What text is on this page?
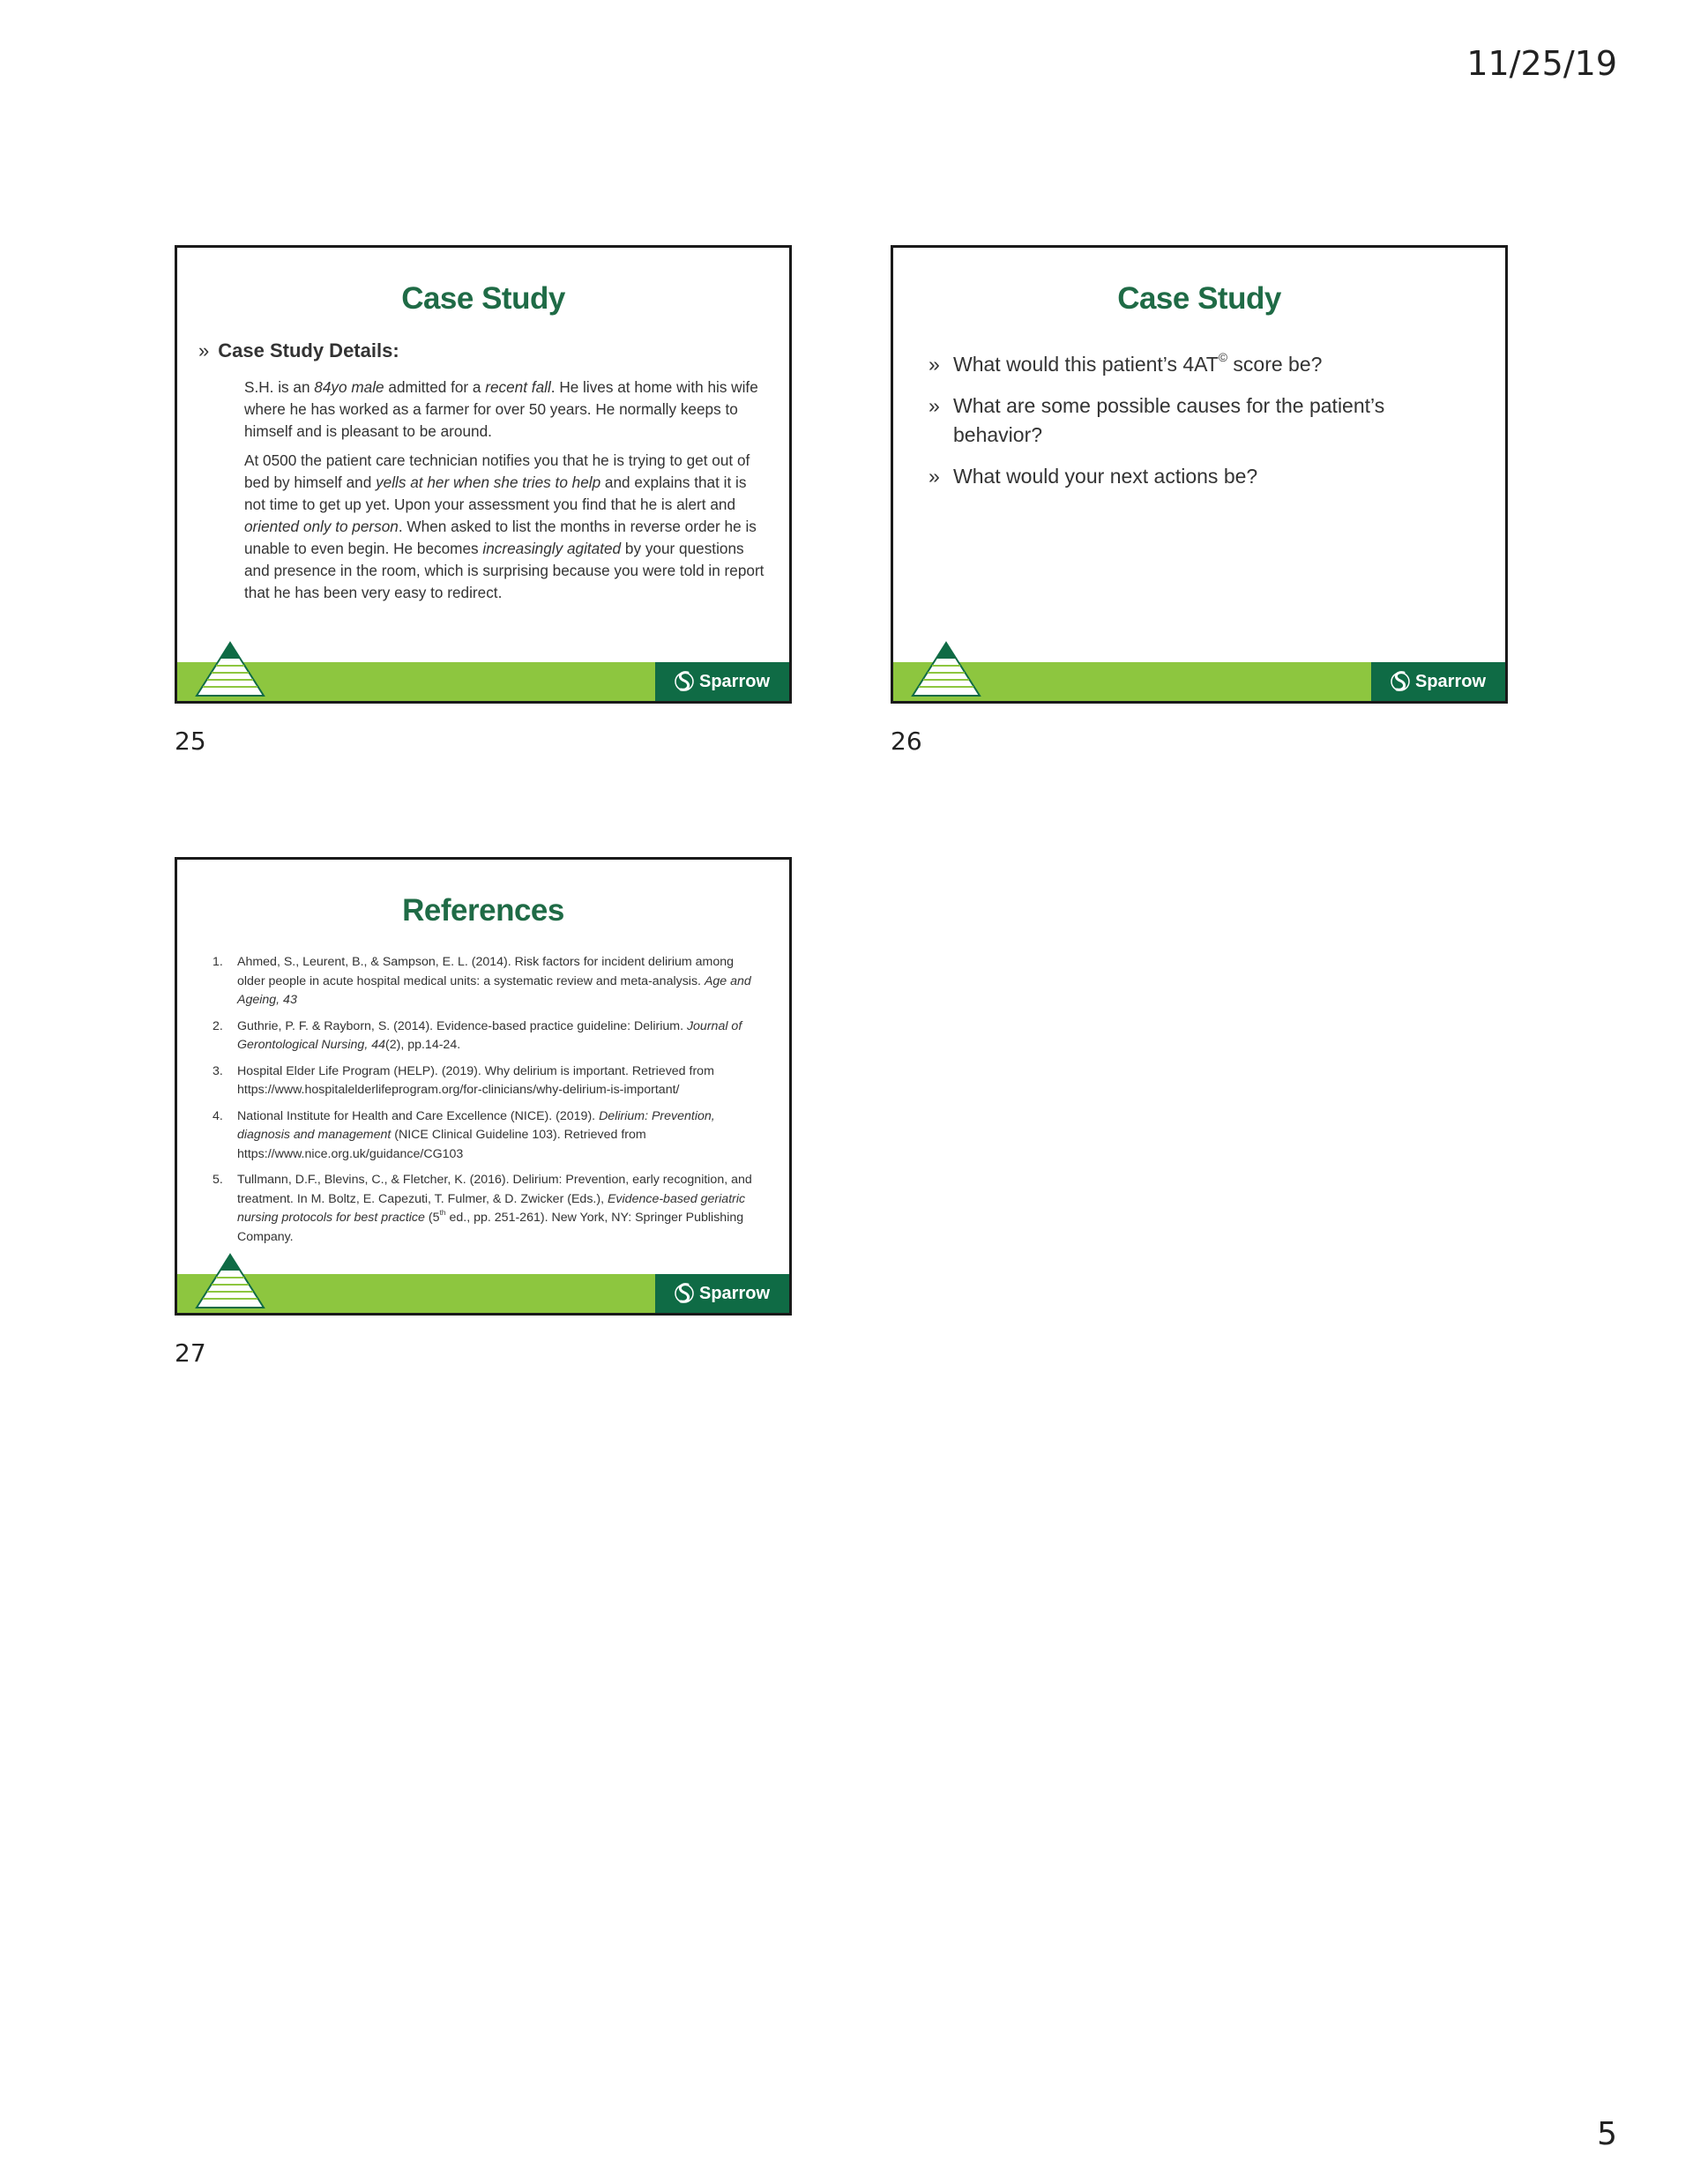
11/25/19
Case Study
» Case Study Details:

S.H. is an 84yo male admitted for a recent fall. He lives at home with his wife where he has worked as a farmer for over 50 years. He normally keeps to himself and is pleasant to be around.

At 0500 the patient care technician notifies you that he is trying to get out of bed by himself and yells at her when she tries to help and explains that it is not time to get up yet. Upon your assessment you find that he is alert and oriented only to person. When asked to list the months in reverse order he is unable to even begin. He becomes increasingly agitated by your questions and presence in the room, which is surprising because you were told in report that he has been very easy to redirect.

Sparrow
25
Case Study
» What would this patient’s 4AT© score be?
» What are some possible causes for the patient’s behavior?
» What would your next actions be?
Sparrow
26
References
1. Ahmed, S., Leurent, B., & Sampson, E. L. (2014). Risk factors for incident delirium among older people in acute hospital medical units: a systematic review and meta-analysis. Age and Ageing, 43
2. Guthrie, P. F. & Rayborn, S. (2014). Evidence-based practice guideline: Delirium. Journal of Gerontological Nursing, 44(2), pp.14-24.
3. Hospital Elder Life Program (HELP). (2019). Why delirium is important. Retrieved from https://www.hospitalelderlifeprogram.org/for-clinicians/why-delirium-is-important/
4. National Institute for Health and Care Excellence (NICE). (2019). Delirium: Prevention, diagnosis and management (NICE Clinical Guideline 103). Retrieved from https://www.nice.org.uk/guidance/CG103
5. Tullmann, D.F., Blevins, C., & Fletcher, K. (2016). Delirium: Prevention, early recognition, and treatment. In M. Boltz, E. Capezuti, T. Fulmer, & D. Zwicker (Eds.), Evidence-based geriatric nursing protocols for best practice (5th ed., pp. 251-261). New York, NY: Springer Publishing Company.
Sparrow
27
5
